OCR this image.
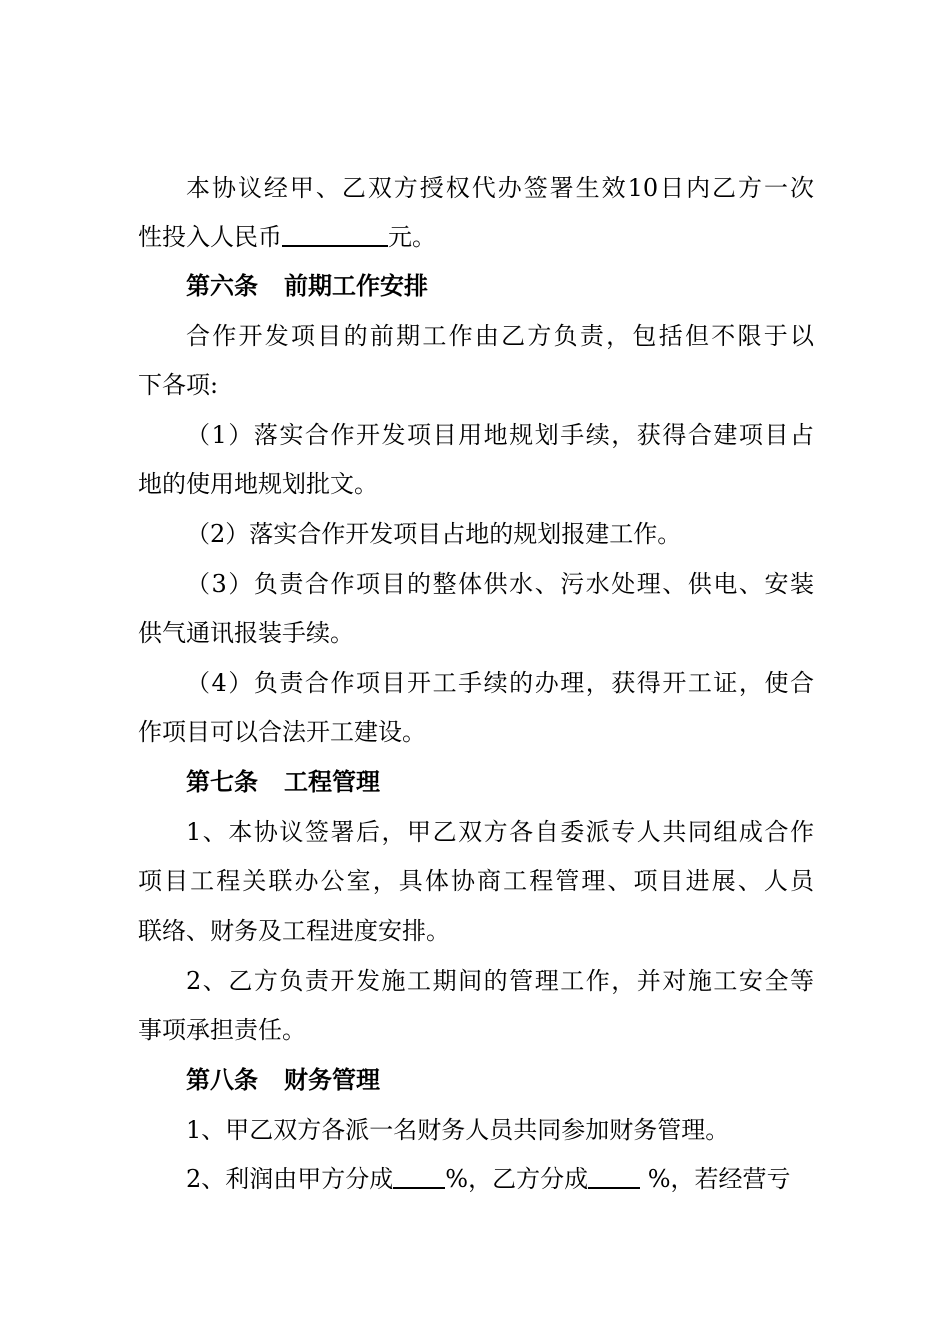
本协议经甲、乙双方授权代办签署生效10日内乙方一次
性投入人民币	元。
第六条 前期工作安排
合作开发项目的前期工作由乙方负责，包括但不限于以
下各项:
（1）落实合作开发项目用地规划手续，获得合建项目占
地的使用地规划批文。
（2）落实合作开发项目占地的规划报建工作。
（3）负责合作项目的整体供水、污水处理、供电、安装
供气通讯报装手续。
（4）负责合作项目开工手续的办理，获得开工证，使合
作项目可以合法开工建设。
第七条 工程管理
1、本协议签署后，甲乙双方各自委派专人共同组成合作
项目工程关联办公室，具体协商工程管理、项目进展、人员
联络、财务及工程进度安排。
2、乙方负责开发施工期间的管理工作，并对施工安全等
事项承担责任。
第八条 财务管理
1、甲乙双方各派一名财务人员共同参加财务管理。
2、利润由甲方分成 %，乙方分成 %，若经营亏
